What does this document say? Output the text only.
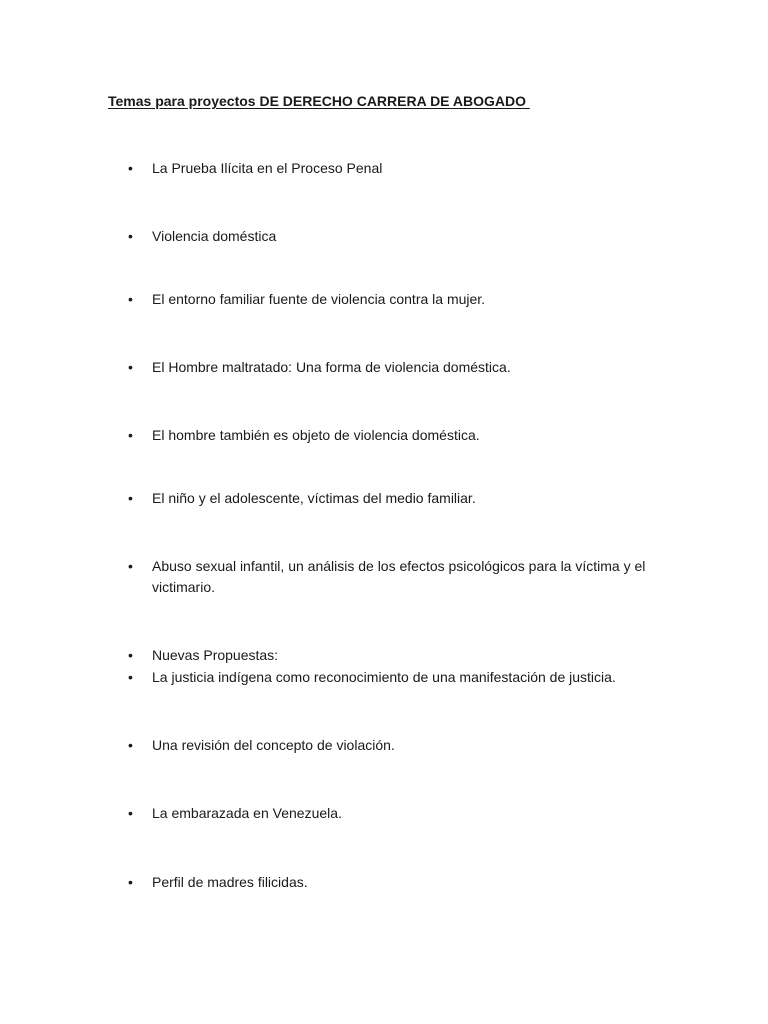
Temas para proyectos DE DERECHO CARRERA DE ABOGADO
• La Prueba Ilícita en el Proceso Penal
• Violencia doméstica
• El entorno familiar fuente de violencia contra la mujer.
• El Hombre maltratado: Una forma de violencia doméstica.
• El hombre también es objeto de violencia doméstica.
• El niño y el adolescente, víctimas del medio familiar.
• Abuso sexual infantil, un análisis de los efectos psicológicos para la víctima y el victimario.
• Nuevas Propuestas:
• La justicia indígena como reconocimiento de una manifestación de justicia.
• Una revisión del concepto de violación.
• La embarazada en Venezuela.
• Perfil de madres filicidas.
